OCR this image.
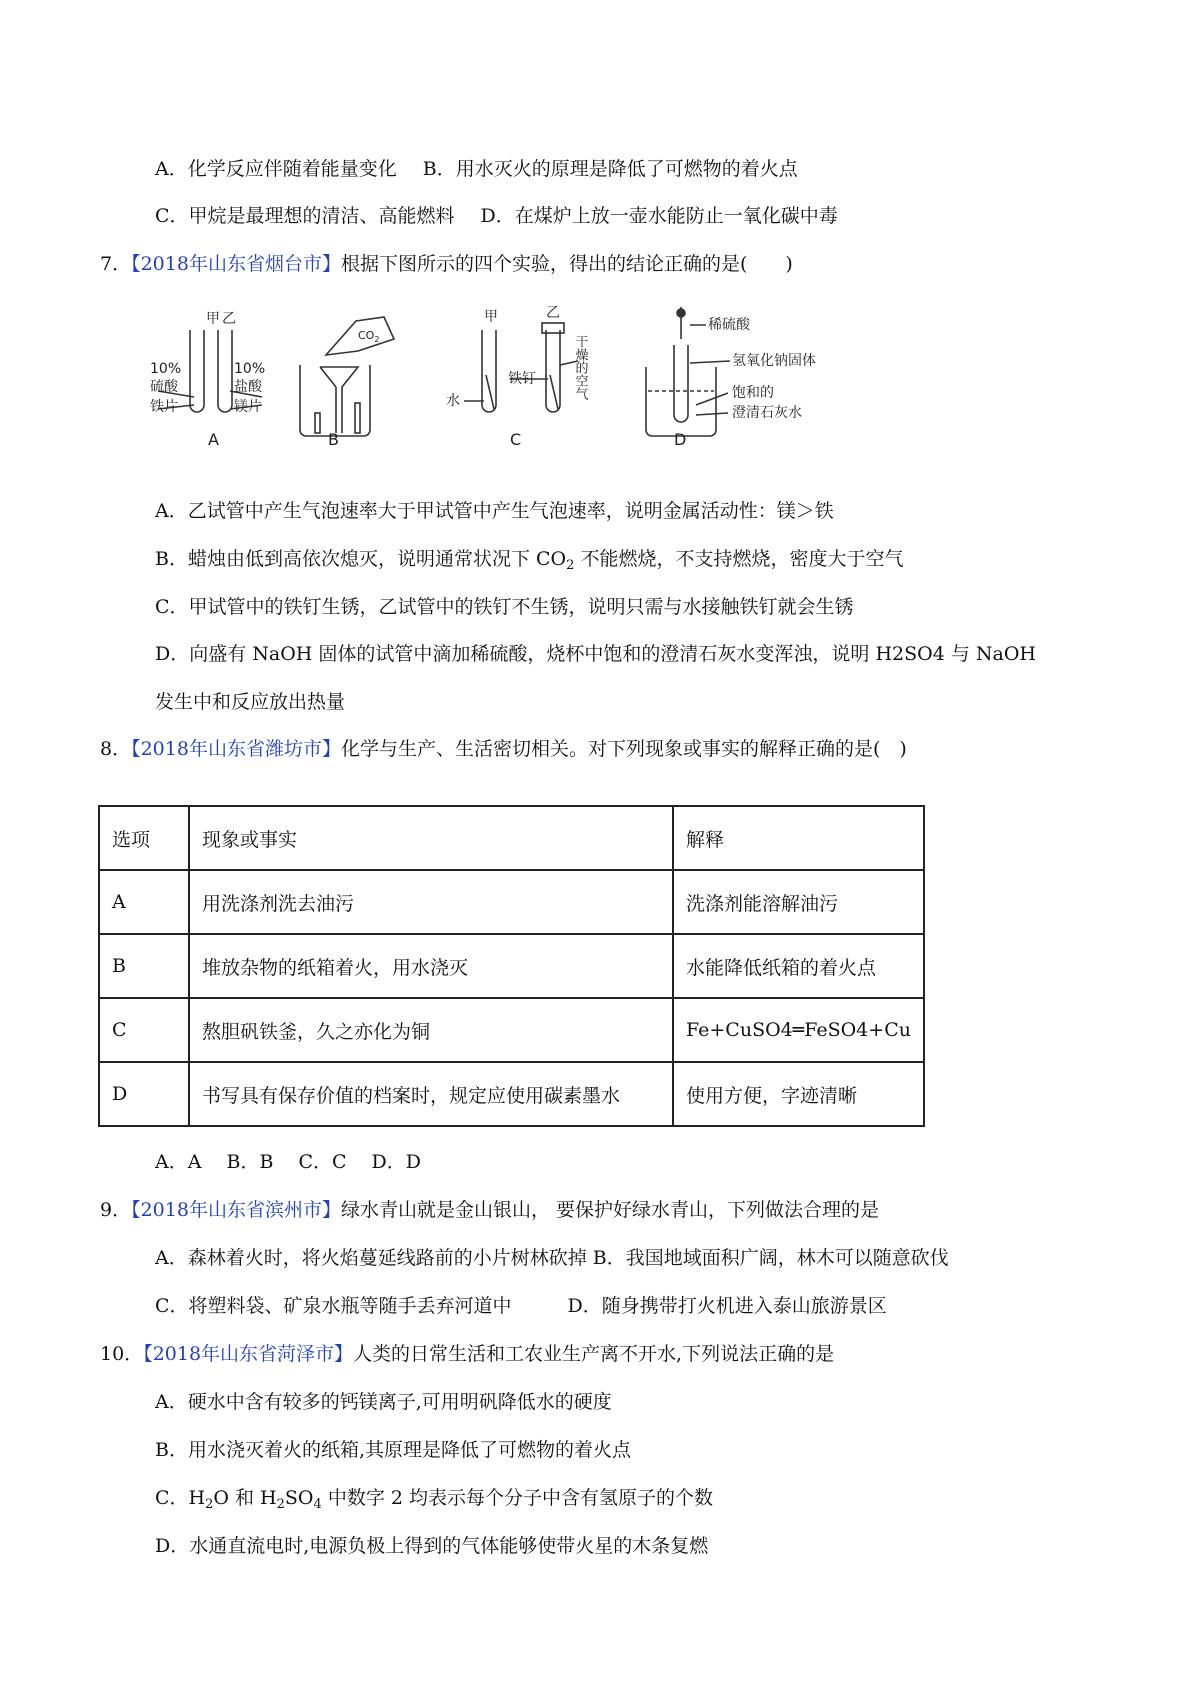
A．化学反应伴随着能量变化 B．用水灭火的原理是降低了可燃物的着火点
C．甲烷是最理想的清洁、高能燃料 D．在煤炉上放一壶水能防止一氧化碳中毒
7．【2018年山东省烟台市】根据下图所示的四个实验，得出的结论正确的是(　　)
甲 乙
10%
硫酸
铁片
10%
盐酸
镁片
A
$CO_2$
B
甲	乙
水
铁钉	干燥的空气
C
稀硫酸
氢氧化钠固体
饱和的
澄清石灰水
D
A．乙试管中产生气泡速率大于甲试管中产生气泡速率，说明金属活动性：镁＞铁
B．蜡烛由低到高依次熄灭，说明通常状况下 $CO_2$ 不能燃烧，不支持燃烧，密度大于空气
C．甲试管中的铁钉生锈，乙试管中的铁钉不生锈，说明只需与水接触铁钉就会生锈
D．向盛有 NaOH 固体的试管中滴加稀硫酸，烧杯中饱和的澄清石灰水变浑浊，说明 H2SO4 与 NaOH
发生中和反应放出热量
8．【2018年山东省潍坊市】化学与生产、生活密切相关。对下列现象或事实的解释正确的是(　)
选项	现象或事实	解释
A	用洗涤剂洗去油污	洗涤剂能溶解油污
B	堆放杂物的纸箱着火，用水浇灭	水能降低纸箱的着火点
C	熬胆矾铁釜，久之亦化为铜	Fe+CuSO4═FeSO4+Cu
D	书写具有保存价值的档案时，规定应使用碳素墨水	使用方便，字迹清晰
A．A　 B．B　 C．C　 D．D
9．【2018年山东省滨州市】绿水青山就是金山银山， 要保护好绿水青山，下列做法合理的是
A．森林着火时，将火焰蔓延线路前的小片树林砍掉 B．我国地域面积广阔，林木可以随意砍伐
C．将塑料袋、矿泉水瓶等随手丢弃河道中	D．随身携带打火机进入泰山旅游景区
10．【2018年山东省菏泽市】人类的日常生活和工农业生产离不开水,下列说法正确的是
A．硬水中含有较多的钙镁离子,可用明矾降低水的硬度
B．用水浇灭着火的纸箱,其原理是降低了可燃物的着火点
C．$H_2O$ 和 $H_2SO_4$ 中数字 2 均表示每个分子中含有氢原子的个数
D．水通直流电时,电源负极上得到的气体能够使带火星的木条复燃
